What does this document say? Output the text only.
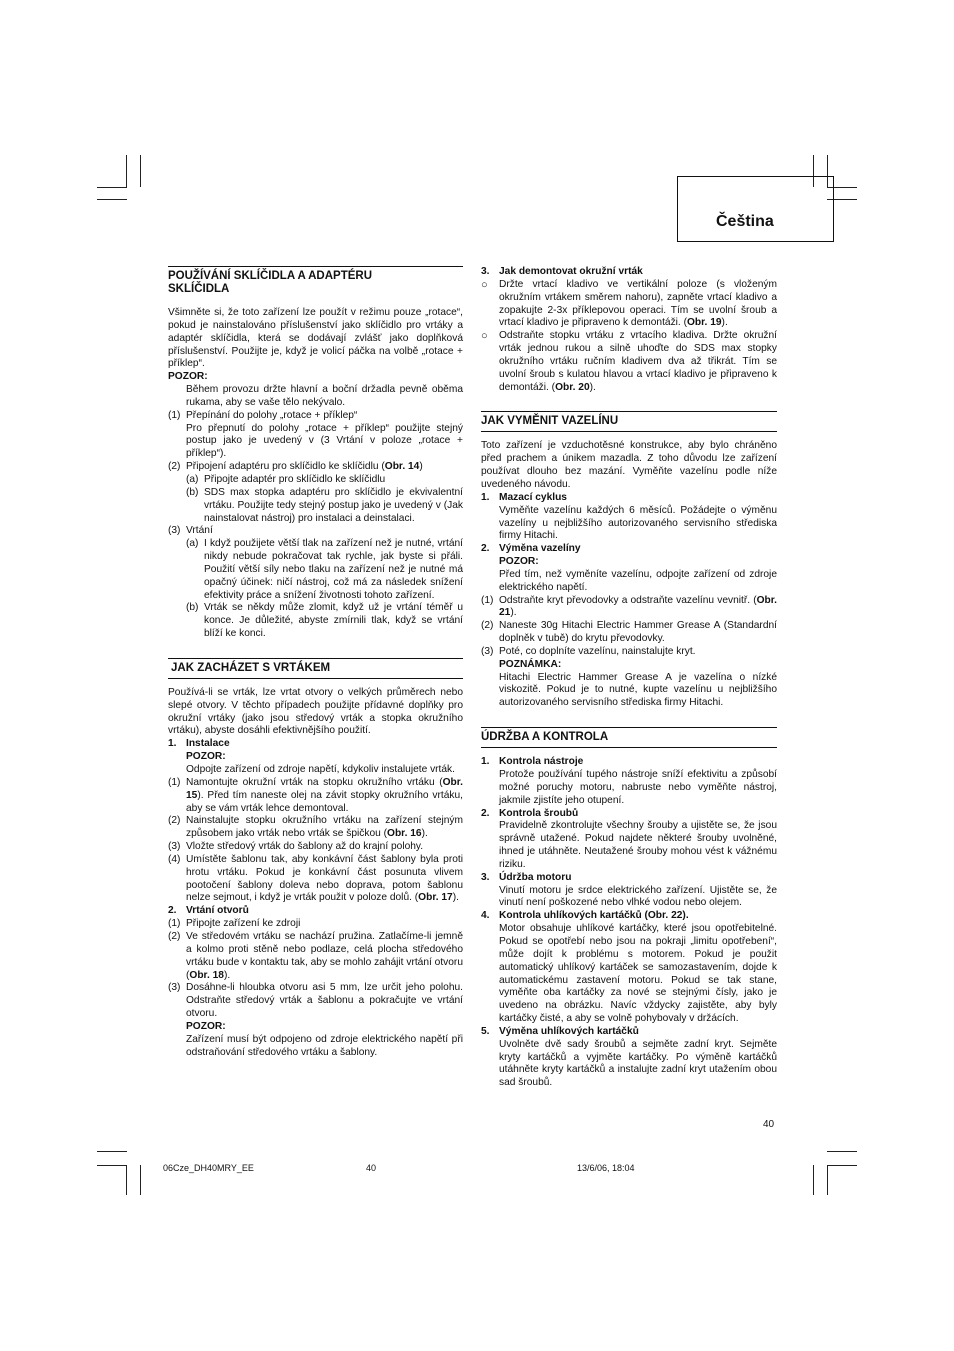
Čeština
POUŽÍVÁNÍ SKLÍČIDLA A ADAPTÉRU
SKLÍČIDLA

Všimněte si, že toto zařízení lze použít v režimu pouze „rotace“, pokud je nainstalováno příslušenství jako sklíčidlo pro vrtáky a adaptér sklíčidla, která se dodávají zvlášť jako doplňková příslušenství. Použijte je, když je volicí páčka na volbě „rotace + příklep“.

POZOR:

Během provozu držte hlavní a boční držadla pevně oběma rukama, aby se vaše tělo nekývalo.

(1) Přepínání do polohy „rotace + příklep“

Pro přepnutí do polohy „rotace + příklep“ použijte stejný postup jako je uvedený v (3 Vrtání v poloze „rotace + příklep“).

(2) Připojení adaptéru pro sklíčidlo ke sklíčidlu (Obr. 14)
(a) Připojte adaptér pro sklíčidlo ke sklíčidlu
(b) SDS max stopka adaptéru pro sklíčidlo je ekvivalentní vrtáku. Použijte tedy stejný postup jako je uvedený v (Jak nainstalovat nástroj) pro instalaci a deinstalaci.
(3) Vrtání
(a) I když použijete větší tlak na zařízení než je nutné, vrtání nikdy nebude pokračovat tak rychle, jak byste si přáli. Použití větší síly nebo tlaku na zařízení než je nutné má opačný účinek: ničí nástroj, což má za následek snížení efektivity práce a snížení životnosti tohoto zařízení.
(b) Vrták se někdy může zlomit, když už je vrtání téměř u konce. Je důležité, abyste zmírnili tlak, když se vrtání blíží ke konci.
JAK ZACHÁZET S VRTÁKEM

Používá-li se vrták, lze vrtat otvory o velkých průměrech nebo slepé otvory. V těchto případech použijte přídavné doplňky pro okružní vrtáky (jako jsou středový vrták a stopka okružního vrtáku), abyste dosáhli efektivnějšího použití.

1. Instalace
POZOR:

Odpojte zařízení od zdroje napětí, kdykoliv instalujete vrták.

(1) Namontujte okružní vrták na stopku okružního vrtáku (Obr. 15). Před tím naneste olej na závit stopky okružního vrtáku, aby se vám vrták lehce demontoval.
(2) Nainstalujte stopku okružního vrtáku na zařízení stejným způsobem jako vrták nebo vrták se špičkou (Obr. 16).
(3) Vložte středový vrták do šablony až do krajní polohy.
(4) Umístěte šablonu tak, aby konkávní část šablony byla proti hrotu vrtáku. Pokud je konkávní část posunuta vlivem pootočení šablony doleva nebo doprava, potom šablonu nelze sejmout, i když je vrták použit v poloze dolů. (Obr. 17).
2. Vrtání otvorů
(1) Připojte zařízení ke zdroji
(2) Ve středovém vrtáku se nachází pružina. Zatlačíme-li jemně a kolmo proti stěně nebo podlaze, celá plocha středového vrtáku bude v kontaktu tak, aby se mohlo zahájit vrtání otvoru (Obr. 18).
(3) Dosáhne-li hloubka otvoru asi 5 mm, lze určit jeho polohu. Odstraňte středový vrták a šablonu a pokračujte ve vrtání otvoru.
POZOR:

Zařízení musí být odpojeno od zdroje elektrického napětí při odstraňování středového vrtáku a šablony.

3. Jak demontovat okružní vrták
○	Držte vrtací kladivo ve vertikální poloze (s vloženým okružním vrtákem směrem nahoru), zapněte vrtací kladivo a zopakujte 2-3x příklepovou operaci. Tím se uvolní šroub a vrtací kladivo je připraveno k demontáži. (Obr. 19).
○	Odstraňte stopku vrtáku z vrtacího kladiva. Držte okružní vrták jednou rukou a silně uhoďte do SDS max stopky okružního vrtáku ručním kladivem dva až třikrát. Tím se uvolní šroub s kulatou hlavou a vrtací kladivo je připraveno k demontáži. (Obr. 20).
JAK VYMĚNIT VAZELÍNU

Toto zařízení je vzduchotěsné konstrukce, aby bylo chráněno před prachem a únikem mazadla. Z toho důvodu lze zařízení používat dlouho bez mazání. Vyměňte vazelínu podle níže uvedeného návodu.

1. Mazací cyklus

Vyměňte vazelínu každých 6 měsíců. Požádejte o výměnu vazelíny u nejbližšího autorizovaného servisního střediska firmy Hitachi.

2. Výměna vazelíny
POZOR:

Před tím, než vyměníte vazelínu, odpojte zařízení od zdroje elektrického napětí.

(1) Odstraňte kryt převodovky a odstraňte vazelínu vevnitř. (Obr. 21).
(2) Naneste 30g Hitachi Electric Hammer Grease A (Standardní doplněk v tubě) do krytu převodovky.
(3) Poté, co doplníte vazelínu, nainstalujte kryt.
POZNÁMKA:

Hitachi Electric Hammer Grease A je vazelína o nízké viskozitě. Pokud je to nutné, kupte vazelínu u nejbližšího autorizovaného servisního střediska firmy Hitachi.

ÚDRŽBA A KONTROLA
1. Kontrola nástroje

Protože používání tupého nástroje sníží efektivitu a způsobí možné poruchy motoru, nabruste nebo vyměňte nástroj, jakmile zjistíte jeho otupení.

2. Kontrola šroubů

Pravidelně zkontrolujte všechny šrouby a ujistěte se, že jsou správně utažené. Pokud najdete některé šrouby uvolněné, ihned je utáhněte. Neutažené šrouby mohou vést k vážnému riziku.

3. Údržba motoru

Vinutí motoru je srdce elektrického zařízení. Ujistěte se, že vinutí není poškozené nebo vlhké vodou nebo olejem.

4. Kontrola uhlíkových kartáčků (Obr. 22).

Motor obsahuje uhlíkové kartáčky, které jsou opotřebitelné. Pokud se opotřebí nebo jsou na pokraji „limitu opotřebení“, může dojít k problému s motorem. Pokud je použit automatický uhlíkový kartáček se samozastavením, dojde k automatickému zastavení motoru. Pokud se tak stane, vyměňte oba kartáčky za nové se stejnými čísly, jako je uvedeno na obrázku. Navíc vždycky zajistěte, aby byly kartáčky čisté, a aby se volně pohybovaly v držácích.

5. Výměna uhlíkových kartáčků

Uvolněte dvě sady šroubů a sejměte zadní kryt. Sejměte kryty kartáčků a vyjměte kartáčky. Po výměně kartáčků utáhněte kryty kartáčků a instalujte zadní kryt utažením obou sad šroubů.

40
06Cze_DH40MRY_EE	40	13/6/06, 18:04
